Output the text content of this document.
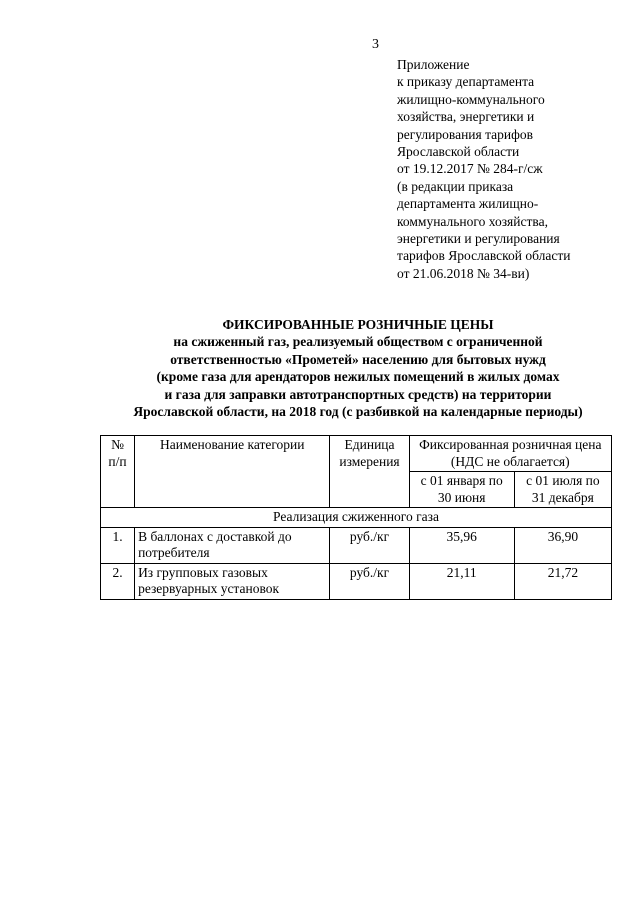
3
Приложение
к приказу департамента
жилищно-коммунального
хозяйства, энергетики и
регулирования тарифов
Ярославской области
от 19.12.2017 № 284-г/сж
(в редакции приказа
департамента жилищно-
коммунального хозяйства,
энергетики и регулирования
тарифов Ярославской области
от 21.06.2018 № 34-ви)
ФИКСИРОВАННЫЕ РОЗНИЧНЫЕ ЦЕНЫ
на сжиженный газ, реализуемый обществом с ограниченной
ответственностью «Прометей» населению для бытовых нужд
(кроме газа для арендаторов нежилых помещений в жилых домах
и газа для заправки автотранспортных средств) на территории
Ярославской области, на 2018 год (с разбивкой на календарные периоды)
№ п/п	Наименование категории	Единица измерения	Фиксированная розничная цена (НДС не облагается)	
			с 01 января по 30 июня	с 01 июля по 31 декабря
Реализация сжиженного газа				
1.	В баллонах с доставкой до потребителя	руб./кг	35,96	36,90
2.	Из групповых газовых резервуарных установок	руб./кг	21,11	21,72
